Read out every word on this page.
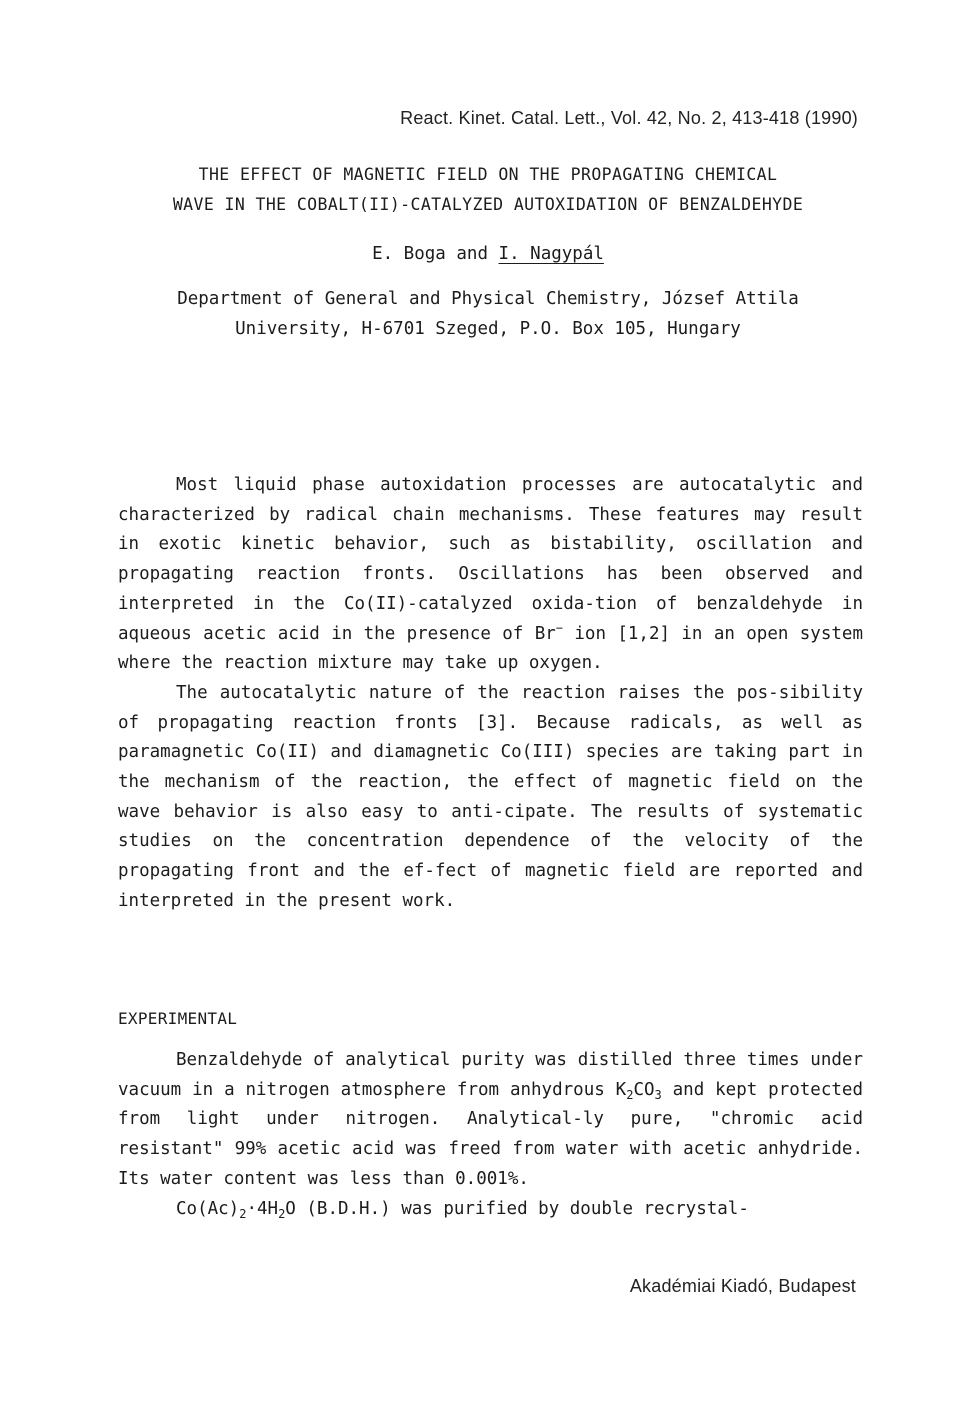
React. Kinet. Catal. Lett., Vol. 42, No. 2, 413-418 (1990)
THE EFFECT OF MAGNETIC FIELD ON THE PROPAGATING CHEMICAL
WAVE IN THE COBALT(II)-CATALYZED AUTOXIDATION OF BENZALDEHYDE
E. Boga and I. Nagypál
Department of General and Physical Chemistry, József Attila
University, H-6701 Szeged, P.O. Box 105, Hungary

Most liquid phase autoxidation processes are autocatalytic and characterized by radical chain mechanisms. These features may result in exotic kinetic behavior, such as bistability, oscillation and propagating reaction fronts. Oscillations has been observed and interpreted in the Co(II)-catalyzed oxida-tion of benzaldehyde in aqueous acetic acid in the presence of Br− ion [1,2] in an open system where the reaction mixture may take up oxygen.

The autocatalytic nature of the reaction raises the pos-sibility of propagating reaction fronts [3]. Because radicals, as well as paramagnetic Co(II) and diamagnetic Co(III) species are taking part in the mechanism of the reaction, the effect of magnetic field on the wave behavior is also easy to anti-cipate. The results of systematic studies on the concentration dependence of the velocity of the propagating front and the ef-fect of magnetic field are reported and interpreted in the present work.

EXPERIMENTAL

Benzaldehyde of analytical purity was distilled three times under vacuum in a nitrogen atmosphere from anhydrous $K_2CO_3$ and kept protected from light under nitrogen. Analytical-ly pure, "chromic acid resistant" 99% acetic acid was freed from water with acetic anhydride. Its water content was less than 0.001%.

$Co(Ac)_2\cdot 4H_2O$ (B.D.H.) was purified by double recrystal-

Akadémiai Kiadó, Budapest
